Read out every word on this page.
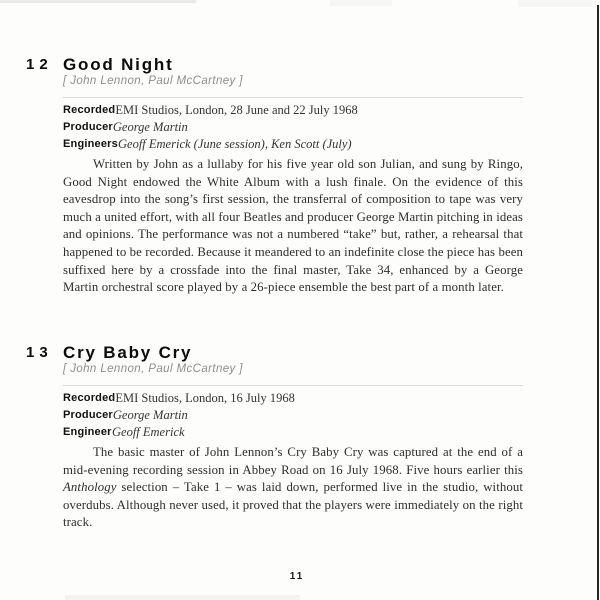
12 Good Night
[ John Lennon, Paul McCartney ]
Recorded EMI Studios, London, 28 June and 22 July 1968
Producer George Martin
Engineers Geoff Emerick (June session), Ken Scott (July)

Written by John as a lullaby for his five year old son Julian, and sung by Ringo, Good Night endowed the White Album with a lush finale. On the evidence of this eavesdrop into the song’s first session, the transferral of composition to tape was very much a united effort, with all four Beatles and producer George Martin pitching in ideas and opinions. The performance was not a numbered “take” but, rather, a rehearsal that happened to be recorded. Because it meandered to an indefinite close the piece has been suffixed here by a crossfade into the final master, Take 34, enhanced by a George Martin orchestral score played by a 26-piece ensemble the best part of a month later.

13 Cry Baby Cry
[ John Lennon, Paul McCartney ]
Recorded EMI Studios, London, 16 July 1968
Producer George Martin
Engineer Geoff Emerick

The basic master of John Lennon’s Cry Baby Cry was captured at the end of a mid-evening recording session in Abbey Road on 16 July 1968. Five hours earlier this Anthology selection – Take 1 – was laid down, performed live in the studio, without overdubs. Although never used, it proved that the players were immediately on the right track.

11
